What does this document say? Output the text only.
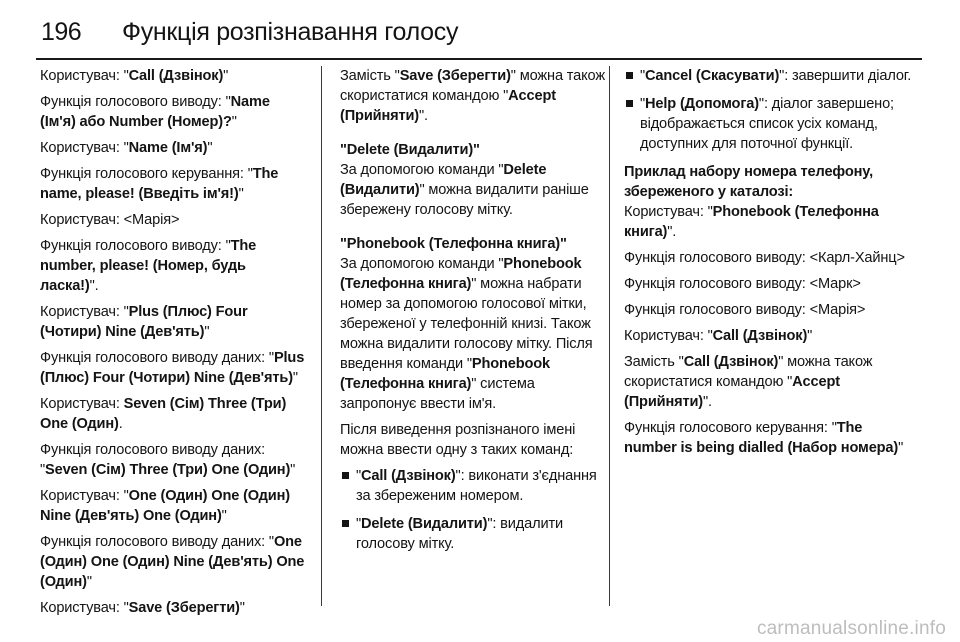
196 Функція розпізнавання голосу
Користувач: "Call (Дзвінок)"
Функція голосового виводу: "Name (Ім'я) або Number (Номер)?"
Користувач: "Name (Ім'я)"
Функція голосового керування: "The name, please! (Введіть ім'я!)"
Користувач: <Марія>
Функція голосового виводу: "The number, please! (Номер, будь ласка!)".
Користувач: "Plus (Плюс) Four (Чотири) Nine (Дев'ять)"
Функція голосового виводу даних: "Plus (Плюс) Four (Чотири) Nine (Дев'ять)"
Користувач: Seven (Сім) Three (Три) One (Один).
Функція голосового виводу даних: "Seven (Сім) Three (Три) One (Один)"
Користувач: "One (Один) One (Один) Nine (Дев'ять) One (Один)"
Функція голосового виводу даних: "One (Один) One (Один) Nine (Дев'ять) One (Один)"
Користувач: "Save (Зберегти)"
Замість "Save (Зберегти)" можна також скористатися командою "Accept (Прийняти)".
"Delete (Видалити)"
За допомогою команди "Delete (Видалити)" можна видалити раніше збережену голосову мітку.
"Phonebook (Телефонна книга)"
За допомогою команди "Phonebook (Телефонна книга)" можна набрати номер за допомогою голосової мітки, збереженої у телефонній книзі. Також можна видалити голосову мітку. Після введення команди "Phonebook (Телефонна книга)" система запропонує ввести ім'я.
Після виведення розпізнаного імені можна ввести одну з таких команд:
"Call (Дзвінок)": виконати з'єднання за збереженим номером.
"Delete (Видалити)": видалити голосову мітку.
"Cancel (Скасувати)": завершити діалог.
"Help (Допомога)": діалог завершено; відображається список усіх команд, доступних для поточної функції.
Приклад набору номера телефону, збереженого у каталозі:
Користувач: "Phonebook (Телефонна книга)".
Функція голосового виводу: <Карл-Хайнц>
Функція голосового виводу: <Марк>
Функція голосового виводу: <Марія>
Користувач: "Call (Дзвінок)"
Замість "Call (Дзвінок)" можна також скористатися командою "Accept (Прийняти)".
Функція голосового керування: "The number is being dialled (Набор номера)"
carmanualsonline.info
